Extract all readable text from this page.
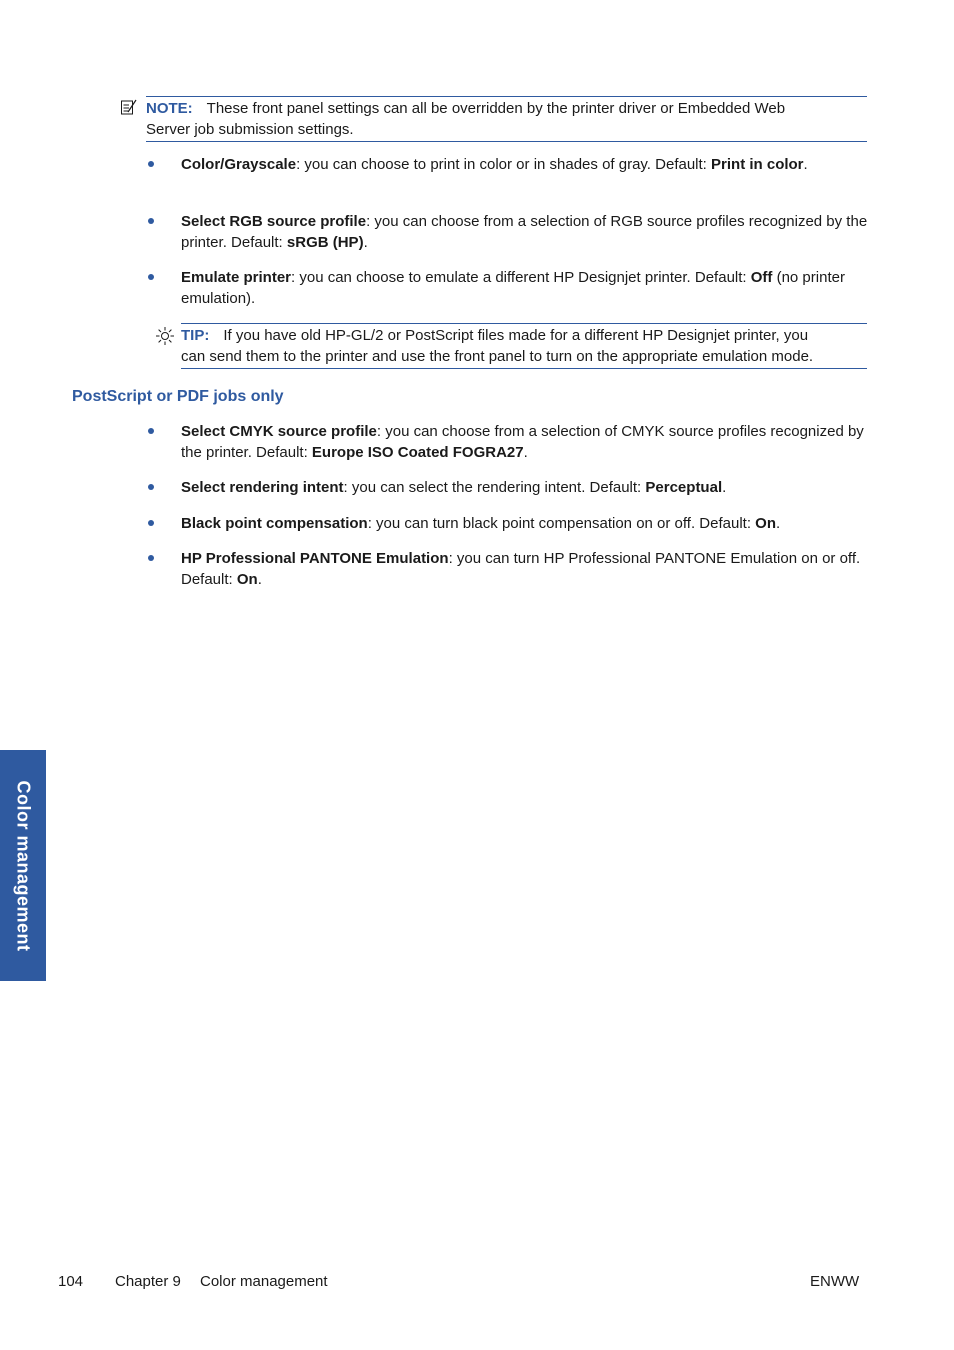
NOTE: These front panel settings can all be overridden by the printer driver or Embedded Web
Server job submission settings.
Color/Grayscale: you can choose to print in color or in shades of gray. Default: Print in color.
Select RGB source profile: you can choose from a selection of RGB source profiles recognized by the printer. Default: sRGB (HP).
Emulate printer: you can choose to emulate a different HP Designjet printer. Default: Off (no printer emulation).
TIP: If you have old HP-GL/2 or PostScript files made for a different HP Designjet printer, you
can send them to the printer and use the front panel to turn on the appropriate emulation mode.
PostScript or PDF jobs only
Select CMYK source profile: you can choose from a selection of CMYK source profiles recognized by the printer. Default: Europe ISO Coated FOGRA27.
Select rendering intent: you can select the rendering intent. Default: Perceptual.
Black point compensation: you can turn black point compensation on or off. Default: On.
HP Professional PANTONE Emulation: you can turn HP Professional PANTONE Emulation on or off. Default: On.
Color management
104 Chapter 9 Color management	ENWW
